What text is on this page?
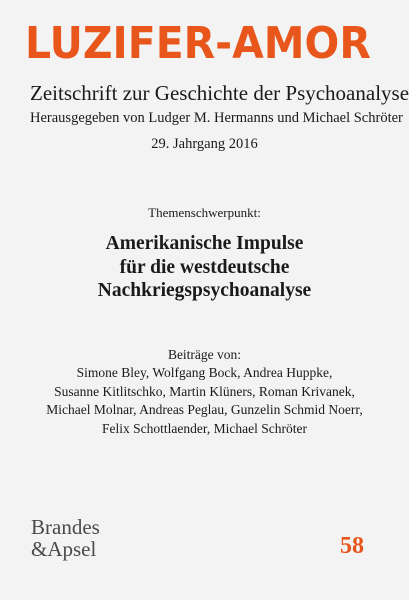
LUZIFER-AMOR
Zeitschrift zur Geschichte der Psychoanalyse
Herausgegeben von Ludger M. Hermanns und Michael Schröter
29. Jahrgang 2016
Themenschwerpunkt:
Amerikanische Impulse
für die westdeutsche
Nachkriegspsychoanalyse
Beiträge von:
Simone Bley, Wolfgang Bock, Andrea Huppke,
Susanne Kitlitschko, Martin Klüners, Roman Krivanek,
Michael Molnar, Andreas Peglau, Gunzelin Schmid Noerr,
Felix Schottlaender, Michael Schröter
Brandes
&Apsel	58
